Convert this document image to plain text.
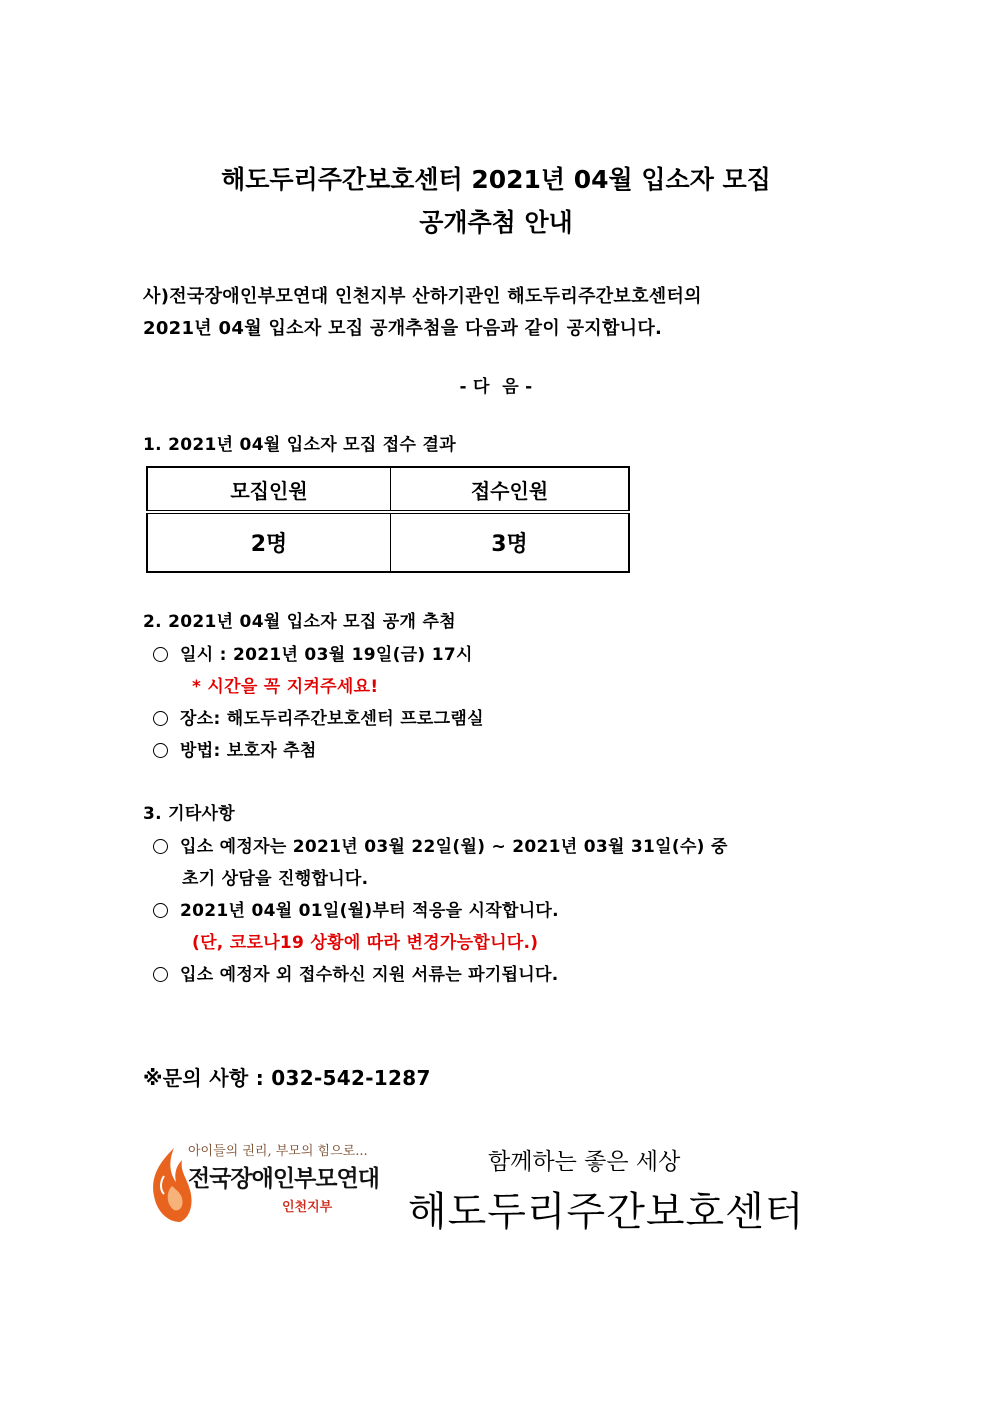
해도두리주간보호센터 2021년 04월 입소자 모집
공개추첨 안내
사)전국장애인부모연대 인천지부 산하기관인 해도두리주간보호센터의
2021년 04월 입소자 모집 공개추첨을 다음과 같이 공지합니다.
- 다  음 -
1. 2021년 04월 입소자 모집 접수 결과
모집인원	접수인원
2명	3명
2. 2021년 04월 입소자 모집 공개 추첨
일시 : 2021년 03월 19일(금) 17시
* 시간을 꼭 지켜주세요!
장소: 해도두리주간보호센터 프로그램실
방법: 보호자 추첨
3. 기타사항
입소 예정자는 2021년 03월 22일(월) ~ 2021년 03월 31일(수) 중
초기 상담을 진행합니다.
2021년 04월 01일(월)부터 적응을 시작합니다.
(단, 코로나19 상황에 따라 변경가능합니다.)
입소 예정자 외 접수하신 지원 서류는 파기됩니다.
※문의 사항 : 032-542-1287
아이들의 권리, 부모의 힘으로...
전국장애인부모연대
인천지부
함께하는 좋은 세상
해도두리주간보호센터
